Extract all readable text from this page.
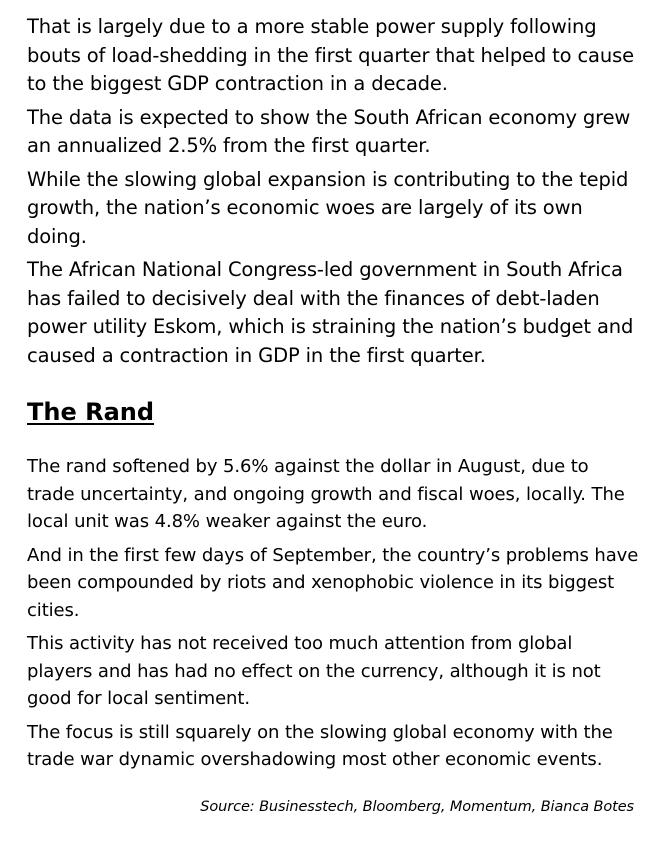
That is largely due to a more stable power supply following bouts of load-shedding in the first quarter that helped to cause to the biggest GDP contraction in a decade.

The data is expected to show the South African economy grew an annualized 2.5% from the first quarter.

While the slowing global expansion is contributing to the tepid growth, the nation’s economic woes are largely of its own doing.

The African National Congress-led government in South Africa has failed to decisively deal with the finances of debt-laden power utility Eskom, which is straining the nation’s budget and caused a contraction in GDP in the first quarter.

The Rand

The rand softened by 5.6% against the dollar in August, due to trade uncertainty, and ongoing growth and fiscal woes, locally. The local unit was 4.8% weaker against the euro.

And in the first few days of September, the country’s problems have been compounded by riots and xenophobic violence in its biggest cities.

This activity has not received too much attention from global players and has had no effect on the currency, although it is not good for local sentiment.

The focus is still squarely on the slowing global economy with the trade war dynamic overshadowing most other economic events.

Source: Businesstech, Bloomberg, Momentum, Bianca Botes
